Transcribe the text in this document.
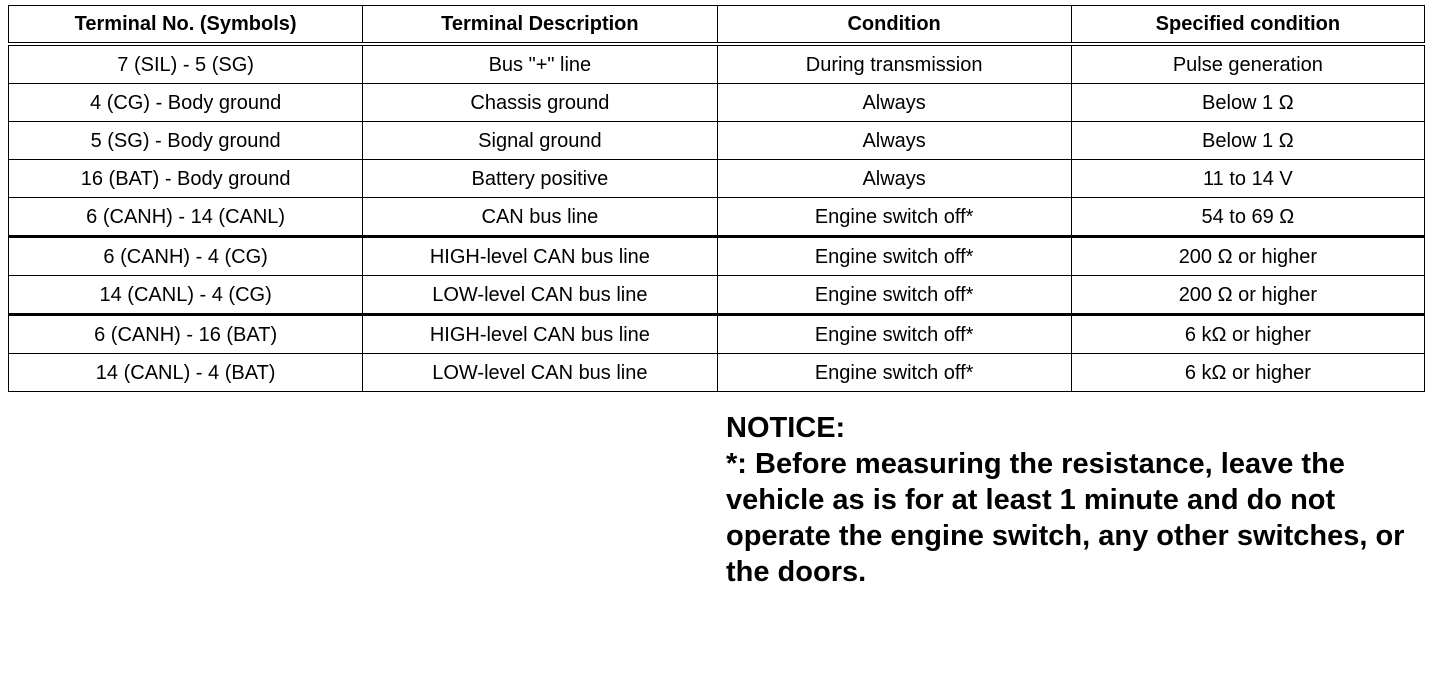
Terminal No. (Symbols)	Terminal Description	Condition	Specified condition
7 (SIL) - 5 (SG)	Bus "+" line	During transmission	Pulse generation
4 (CG) - Body ground	Chassis ground	Always	Below 1 Ω
5 (SG) - Body ground	Signal ground	Always	Below 1 Ω
16 (BAT) - Body ground	Battery positive	Always	11 to 14 V
6 (CANH) - 14 (CANL)	CAN bus line	Engine switch off*	54 to 69 Ω
6 (CANH) - 4 (CG)	HIGH-level CAN bus line	Engine switch off*	200 Ω or higher
14 (CANL) - 4 (CG)	LOW-level CAN bus line	Engine switch off*	200 Ω or higher
6 (CANH) - 16 (BAT)	HIGH-level CAN bus line	Engine switch off*	6 kΩ or higher
14 (CANL) - 4 (BAT)	LOW-level CAN bus line	Engine switch off*	6 kΩ or higher
NOTICE:
*: Before measuring the resistance, leave the vehicle as is for at least 1 minute and do not operate the engine switch, any other switches, or the doors.
